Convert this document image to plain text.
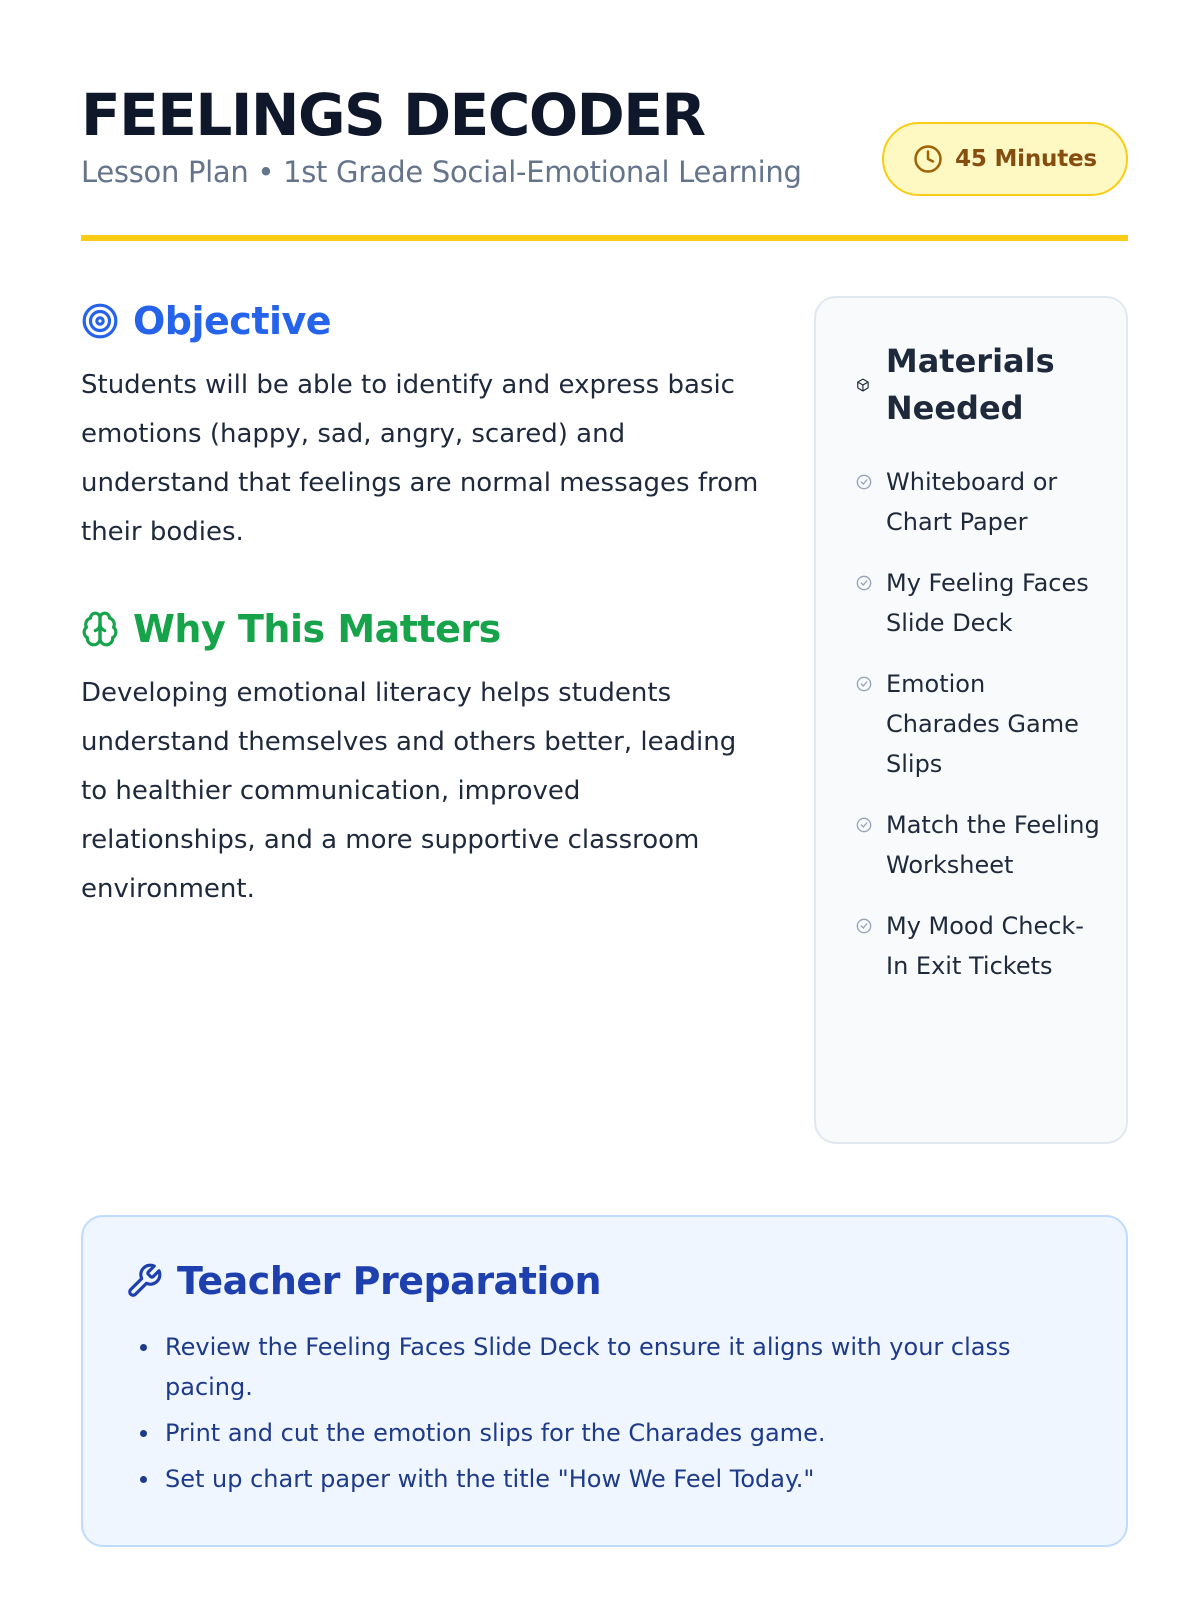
FEELINGS DECODER
Lesson Plan • 1st Grade Social-Emotional Learning	45 Minutes
Objective

Students will be able to identify and express basic emotions (happy, sad, angry, scared) and understand that feelings are normal messages from their bodies.

Why This Matters

Developing emotional literacy helps students understand themselves and others better, leading to healthier communication, improved relationships, and a more supportive classroom environment.

Materials Needed
Whiteboard or Chart Paper
My Feeling Faces Slide Deck
Emotion Charades Game Slips
Match the Feeling Worksheet
My Mood Check-In Exit Tickets
Teacher Preparation
Review the Feeling Faces Slide Deck to ensure it aligns with your class pacing.
Print and cut the emotion slips for the Charades game.
Set up chart paper with the title "How We Feel Today."
